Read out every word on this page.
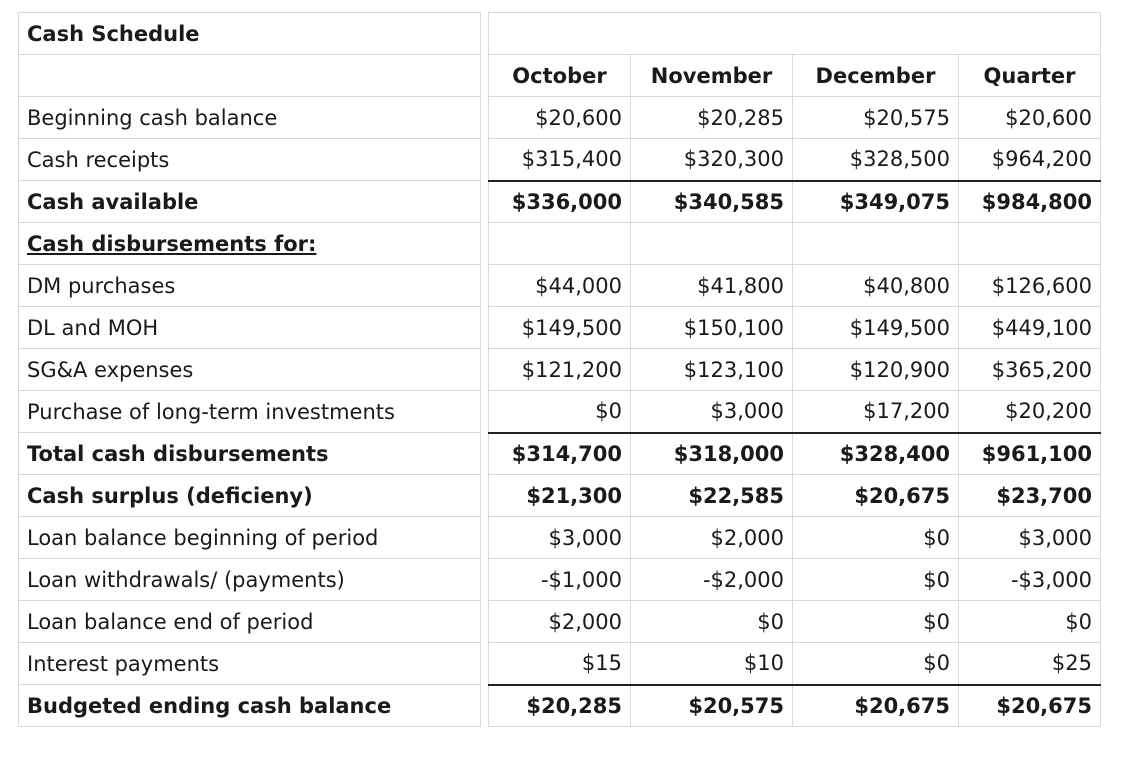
Cash Schedule					
		October	November	December	Quarter
Beginning cash balance		$20,600	$20,285	$20,575	$20,600
Cash receipts		$315,400	$320,300	$328,500	$964,200
Cash available		$336,000	$340,585	$349,075	$984,800
Cash disbursements for:					
DM purchases		$44,000	$41,800	$40,800	$126,600
DL and MOH		$149,500	$150,100	$149,500	$449,100
SG&A expenses		$121,200	$123,100	$120,900	$365,200
Purchase of long-term investments		$0	$3,000	$17,200	$20,200
Total cash disbursements		$314,700	$318,000	$328,400	$961,100
Cash surplus (deficieny)		$21,300	$22,585	$20,675	$23,700
Loan balance beginning of period		$3,000	$2,000	$0	$3,000
Loan withdrawals/ (payments)		-$1,000	-$2,000	$0	-$3,000
Loan balance end of period		$2,000	$0	$0	$0
Interest payments		$15	$10	$0	$25
Budgeted ending cash balance		$20,285	$20,575	$20,675	$20,675
